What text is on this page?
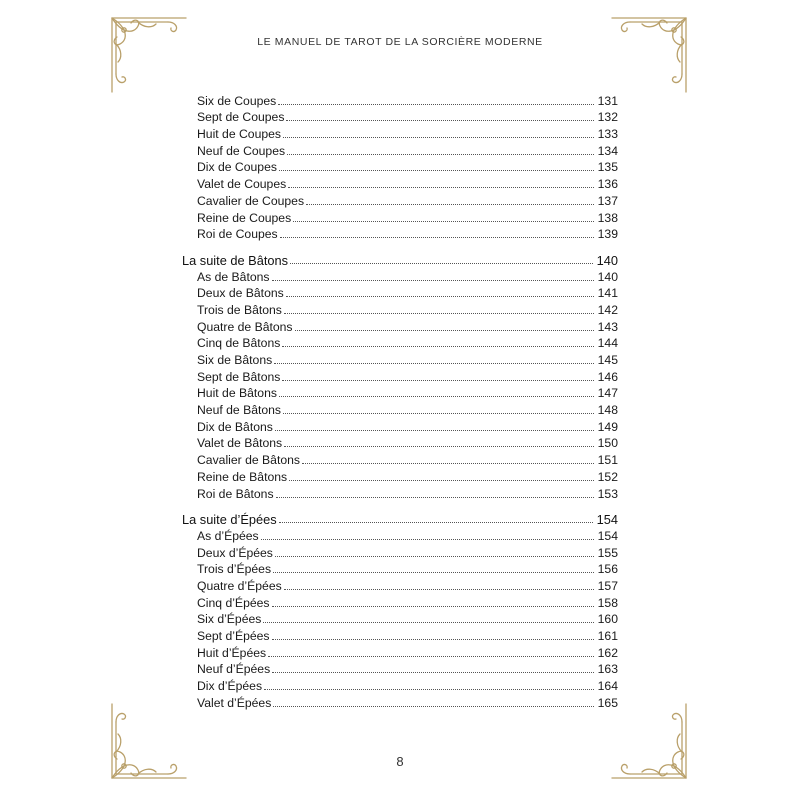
LE MANUEL DE TAROT DE LA SORCIÈRE MODERNE
Six de Coupes	131
Sept de Coupes	132
Huit de Coupes	133
Neuf de Coupes	134
Dix de Coupes	135
Valet de Coupes	136
Cavalier de Coupes	137
Reine de Coupes	138
Roi de Coupes	139
La suite de Bâtons	140
As de Bâtons	140
Deux de Bâtons	141
Trois de Bâtons	142
Quatre de Bâtons	143
Cinq de Bâtons	144
Six de Bâtons	145
Sept de Bâtons	146
Huit de Bâtons	147
Neuf de Bâtons	148
Dix de Bâtons	149
Valet de Bâtons	150
Cavalier de Bâtons	151
Reine de Bâtons	152
Roi de Bâtons	153
La suite d’Épées	154
As d’Épées	154
Deux d’Épées	155
Trois d’Épées	156
Quatre d’Épées	157
Cinq d’Épées	158
Six d’Épées	160
Sept d’Épées	161
Huit d’Épées	162
Neuf d’Épées	163
Dix d’Épées	164
Valet d’Épées	165
8
